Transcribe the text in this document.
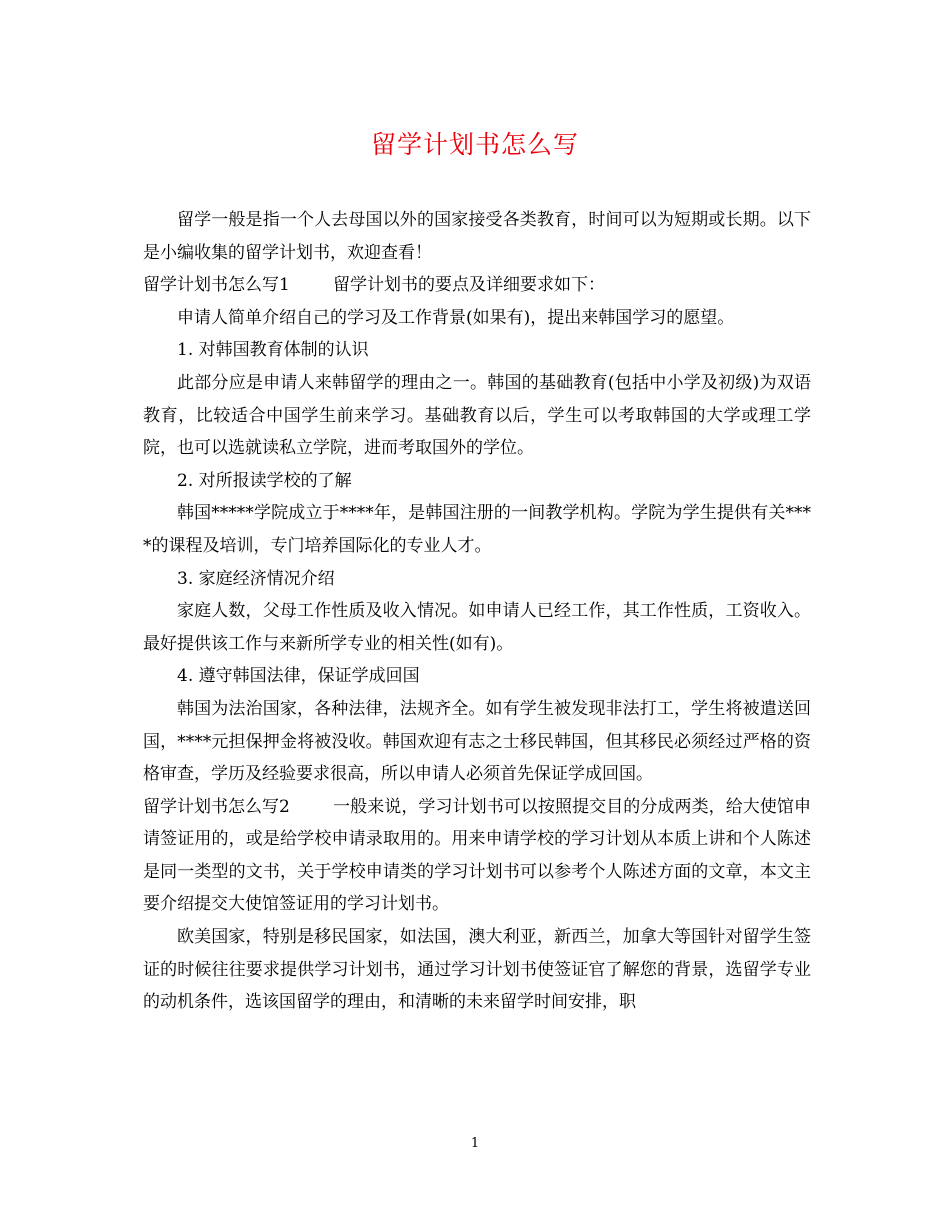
留学计划书怎么写

留学一般是指一个人去母国以外的国家接受各类教育，时间可以为短期或长期。以下是小编收集的留学计划书，欢迎查看！

留学计划书怎么写1	留学计划书的要点及详细要求如下：

申请人简单介绍自己的学习及工作背景(如果有)，提出来韩国学习的愿望。

1. 对韩国教育体制的认识

此部分应是申请人来韩留学的理由之一。韩国的基础教育(包括中小学及初级)为双语教育，比较适合中国学生前来学习。基础教育以后，学生可以考取韩国的大学或理工学院，也可以选就读私立学院，进而考取国外的学位。

2. 对所报读学校的了解

韩国*****学院成立于****年，是韩国注册的一间教学机构。学院为学生提供有关****的课程及培训，专门培养国际化的专业人才。

3. 家庭经济情况介绍

家庭人数，父母工作性质及收入情况。如申请人已经工作，其工作性质，工资收入。最好提供该工作与来新所学专业的相关性(如有)。

4. 遵守韩国法律，保证学成回国

韩国为法治国家，各种法律，法规齐全。如有学生被发现非法打工，学生将被遣送回国，****元担保押金将被没收。韩国欢迎有志之士移民韩国，但其移民必须经过严格的资格审查，学历及经验要求很高，所以申请人必须首先保证学成回国。

留学计划书怎么写2	一般来说，学习计划书可以按照提交目的分成两类，给大使馆申请签证用的，或是给学校申请录取用的。用来申请学校的学习计划从本质上讲和个人陈述是同一类型的文书，关于学校申请类的学习计划书可以参考个人陈述方面的文章，本文主要介绍提交大使馆签证用的学习计划书。

欧美国家，特别是移民国家，如法国，澳大利亚，新西兰，加拿大等国针对留学生签证的时候往往要求提供学习计划书，通过学习计划书使签证官了解您的背景，选留学专业的动机条件，选该国留学的理由，和清晰的未来留学时间安排，职

1
